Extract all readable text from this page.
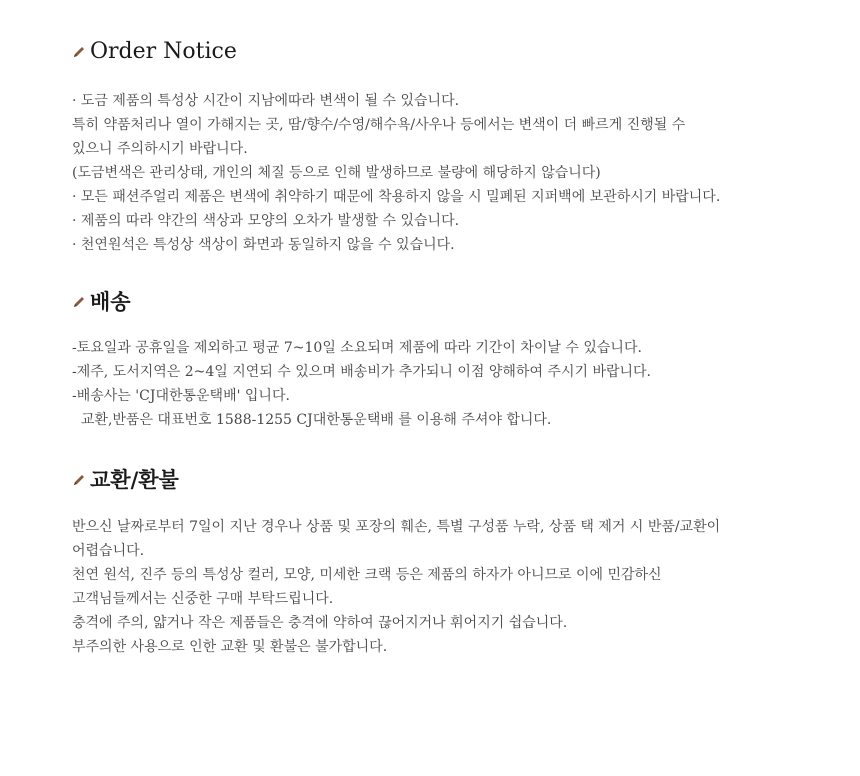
Order Notice
· 도금 제품의 특성상 시간이 지남에따라 변색이 될 수 있습니다.
특히 약품처리나 열이 가해지는 곳, 땀/향수/수영/해수욕/사우나 등에서는 변색이 더 빠르게 진행될 수
있으니 주의하시기 바랍니다.
(도금변색은 관리상태, 개인의 체질 등으로 인해 발생하므로 불량에 해당하지 않습니다)
· 모든 패션주얼리 제품은 변색에 취약하기 때문에 착용하지 않을 시 밀폐된 지퍼백에 보관하시기 바랍니다.
· 제품의 따라 약간의 색상과 모양의 오차가 발생할 수 있습니다.
· 천연원석은 특성상 색상이 화면과 동일하지 않을 수 있습니다.
배송
-토요일과 공휴일을 제외하고 평균 7~10일 소요되며 제품에 따라 기간이 차이날 수 있습니다.
-제주, 도서지역은 2~4일 지연되 수 있으며 배송비가 추가되니 이점 양해하여 주시기 바랍니다.
-배송사는 'CJ대한통운택배' 입니다.
교환,반품은 대표번호 1588-1255 CJ대한통운택배 를 이용해 주셔야 합니다.
교환/환불
반으신 날짜로부터 7일이 지난 경우나 상품 및 포장의 훼손, 특별 구성품 누락, 상품 택 제거 시 반품/교환이
어렵습니다.
천연 원석, 진주 등의 특성상 컬러, 모양, 미세한 크랙 등은 제품의 하자가 아니므로 이에 민감하신
고객님들께서는 신중한 구매 부탁드립니다.
충격에 주의, 얇거나 작은 제품들은 충격에 약하여 끊어지거나 휘어지기 쉽습니다.
부주의한 사용으로 인한 교환 및 환불은 불가합니다.
